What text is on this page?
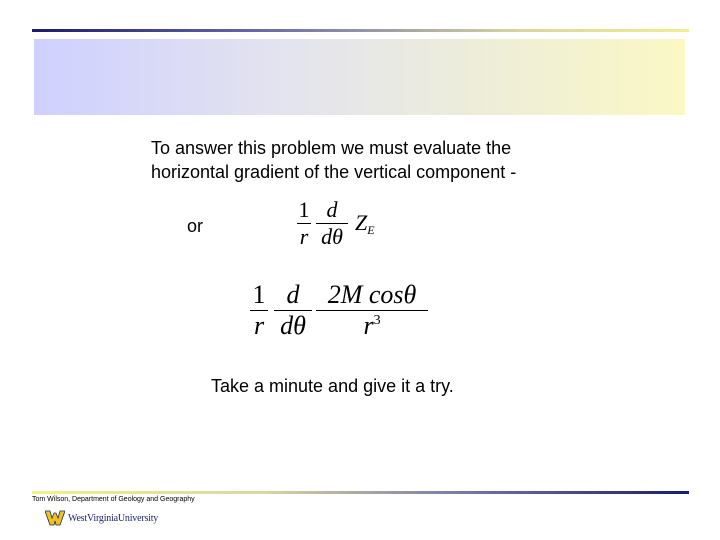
To answer this problem we must evaluate the
horizontal gradient of the vertical component -
or
1
r
d
dθ
$Z_E$
1
r
d
dθ
2M cosθ
$r^3$
Take a minute and give it a try.
Tom Wilson, Department of Geology and Geography
WestVirginiaUniversity
